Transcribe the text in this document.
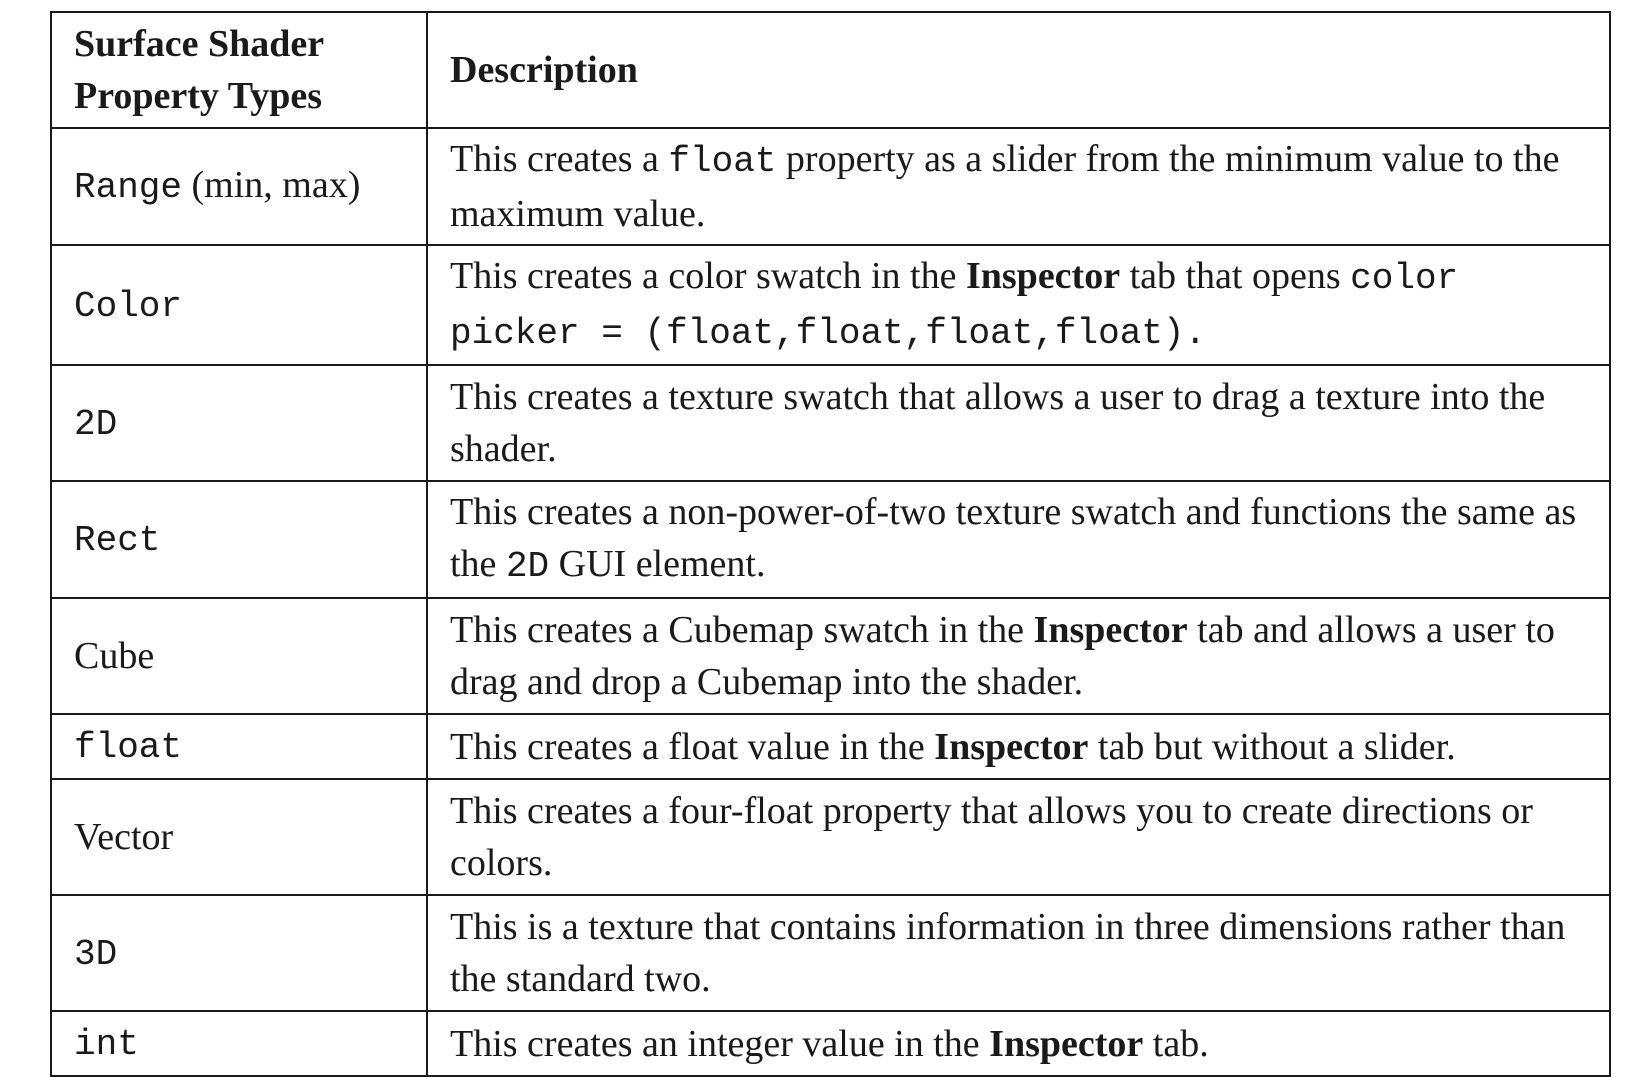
Surface Shader Property Types	Description
Range (min, max)	This creates a float property as a slider from the minimum value to the maximum value.
Color	This creates a color swatch in the Inspector tab that opens color picker = (float,float,float,float).
2D	This creates a texture swatch that allows a user to drag a texture into the shader.
Rect	This creates a non-power-of-two texture swatch and functions the same as the 2D GUI element.
Cube	This creates a Cubemap swatch in the Inspector tab and allows a user to drag and drop a Cubemap into the shader.
float	This creates a float value in the Inspector tab but without a slider.
Vector	This creates a four-float property that allows you to create directions or colors.
3D	This is a texture that contains information in three dimensions rather than the standard two.
int	This creates an integer value in the Inspector tab.
